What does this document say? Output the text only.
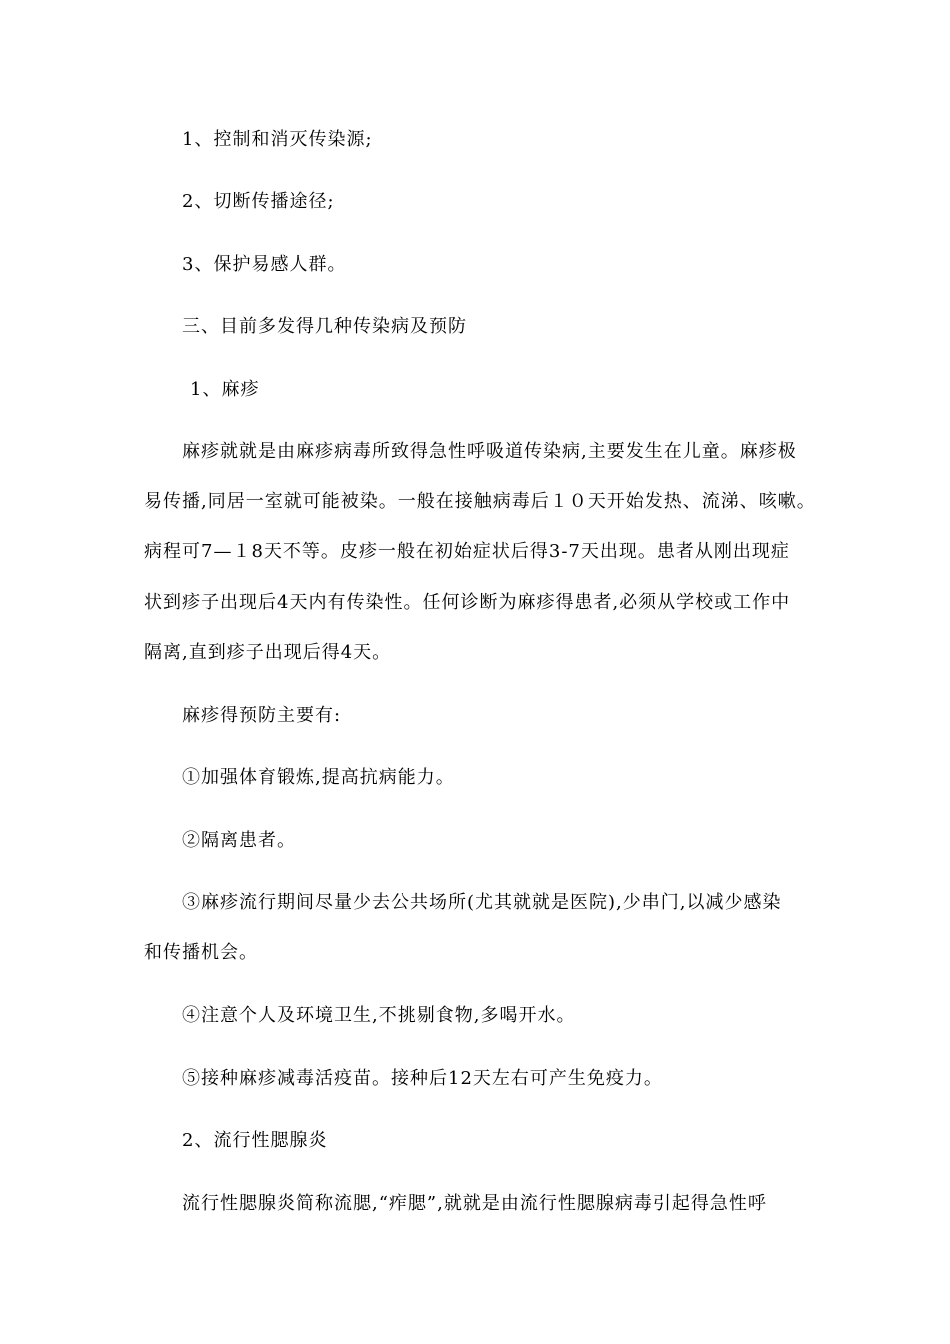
1、控制和消灭传染源;
2、切断传播途径;
3、保护易感人群。
三、目前多发得几种传染病及预防
1、麻疹
麻疹就就是由麻疹病毒所致得急性呼吸道传染病,主要发生在儿童。麻疹极
易传播,同居一室就可能被染。一般在接触病毒后１０天开始发热、流涕、咳嗽。
病程可7—１8天不等。皮疹一般在初始症状后得3-7天出现。患者从刚出现症
状到疹子出现后4天内有传染性。任何诊断为麻疹得患者,必须从学校或工作中
隔离,直到疹子出现后得4天。
麻疹得预防主要有:
①加强体育锻炼,提高抗病能力。
②隔离患者。
③麻疹流行期间尽量少去公共场所(尤其就就是医院),少串门,以减少感染
和传播机会。
④注意个人及环境卫生,不挑剔食物,多喝开水。
⑤接种麻疹减毒活疫苗。接种后12天左右可产生免疫力。
2、流行性腮腺炎
流行性腮腺炎简称流腮,“痄腮”,就就是由流行性腮腺病毒引起得急性呼
